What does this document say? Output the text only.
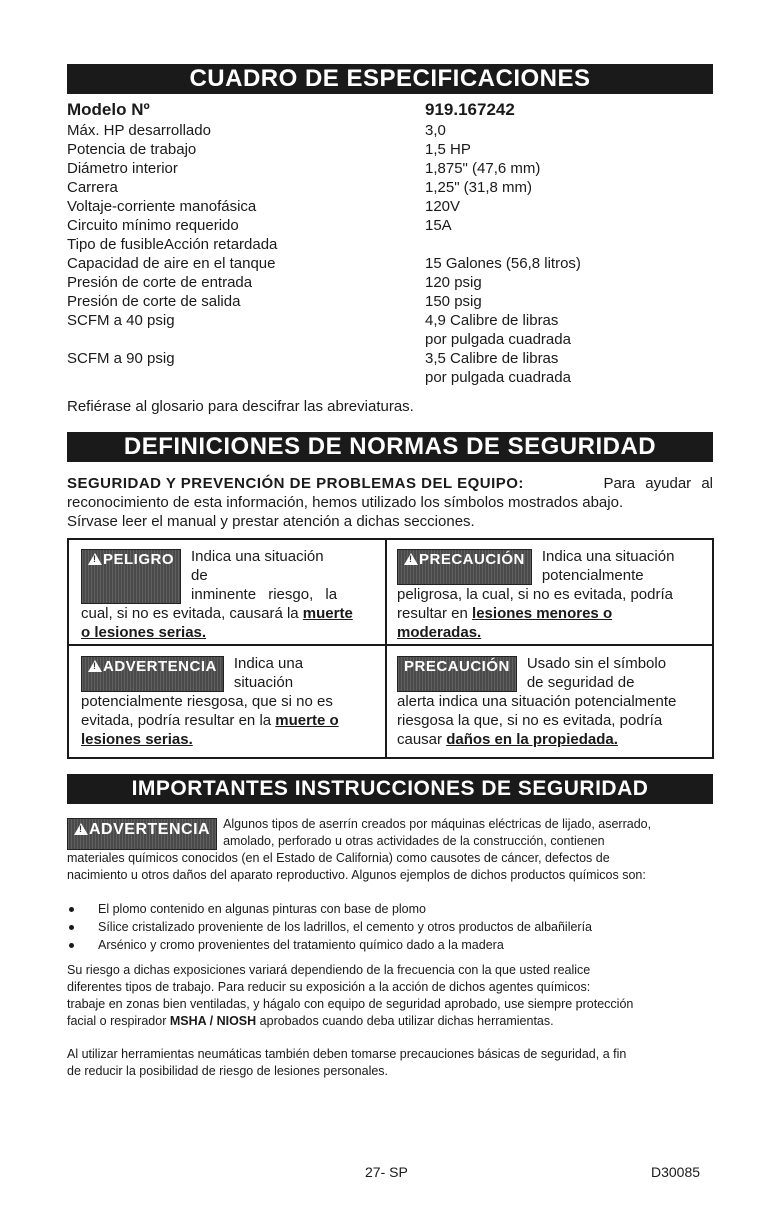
CUADRO DE ESPECIFICACIONES
Modelo Nº	919.167242
Máx. HP desarrollado	3,0
Potencia de trabajo	1,5 HP
Diámetro interior	1,875" (47,6 mm)
Carrera	1,25" (31,8 mm)
Voltaje-corriente manofásica	120V
Circuito mínimo requerido	15A
Tipo de fusibleAcción retardada
Capacidad de aire en el tanque	15 Galones (56,8 litros)
Presión de corte de entrada	120 psig
Presión de corte de salida	150 psig
SCFM a 40 psig	4,9 Calibre de libras
por pulgada cuadrada
SCFM a 90 psig	3,5 Calibre de libras
por pulgada cuadrada
Refiérase al glosario para descifrar las abreviaturas.
DEFINICIONES DE NORMAS DE SEGURIDAD
SEGURIDAD Y PREVENCIÓN DE PROBLEMAS DEL EQUIPO:	Para ayudar al
reconocimiento de esta información, hemos utilizado los símbolos mostrados abajo.
Sírvase leer el manual y prestar atención a dichas secciones.
!PELIGRO	Indica una situación de
inminente riesgo, la
cual, si no es evitada, causará la muerte
o lesiones serias.
!PRECAUCIÓN	Indica una situación
potencialmente
peligrosa, la cual, si no es evitada, podría
resultar en lesiones menores o
moderadas.
!ADVERTENCIA	Indica una
situación
potencialmente riesgosa, que si no es
evitada, podría resultar en la muerte o
lesiones serias.
PRECAUCIÓN	Usado sin el símbolo
de seguridad de
alerta indica una situación potencialmente
riesgosa la que, si no es evitada, podría
causar daños en la propiedada.
IMPORTANTES INSTRUCCIONES DE SEGURIDAD
!ADVERTENCIA	Algunos tipos de aserrín creados por máquinas eléctricas de lijado, aserrado,
amolado, perforado u otras actividades de la construcción, contienen
materiales químicos conocidos (en el Estado de California) como causotes de cáncer, defectos de
nacimiento u otros daños del aparato reproductivo. Algunos ejemplos de dichos productos químicos son:
El plomo contenido en algunas pinturas con base de plomo
Sílice cristalizado proveniente de los ladrillos, el cemento y otros productos de albañilería
Arsénico y cromo provenientes del tratamiento químico dado a la madera
Su riesgo a dichas exposiciones variará dependiendo de la frecuencia con la que usted realice
diferentes tipos de trabajo. Para reducir su exposición a la acción de dichos agentes químicos:
trabaje en zonas bien ventiladas, y hágalo con equipo de seguridad aprobado, use siempre protección
facial o respirador MSHA / NIOSH aprobados cuando deba utilizar dichas herramientas.
Al utilizar herramientas neumáticas también deben tomarse precauciones básicas de seguridad, a fin
de reducir la posibilidad de riesgo de lesiones personales.
27- SP	D30085
